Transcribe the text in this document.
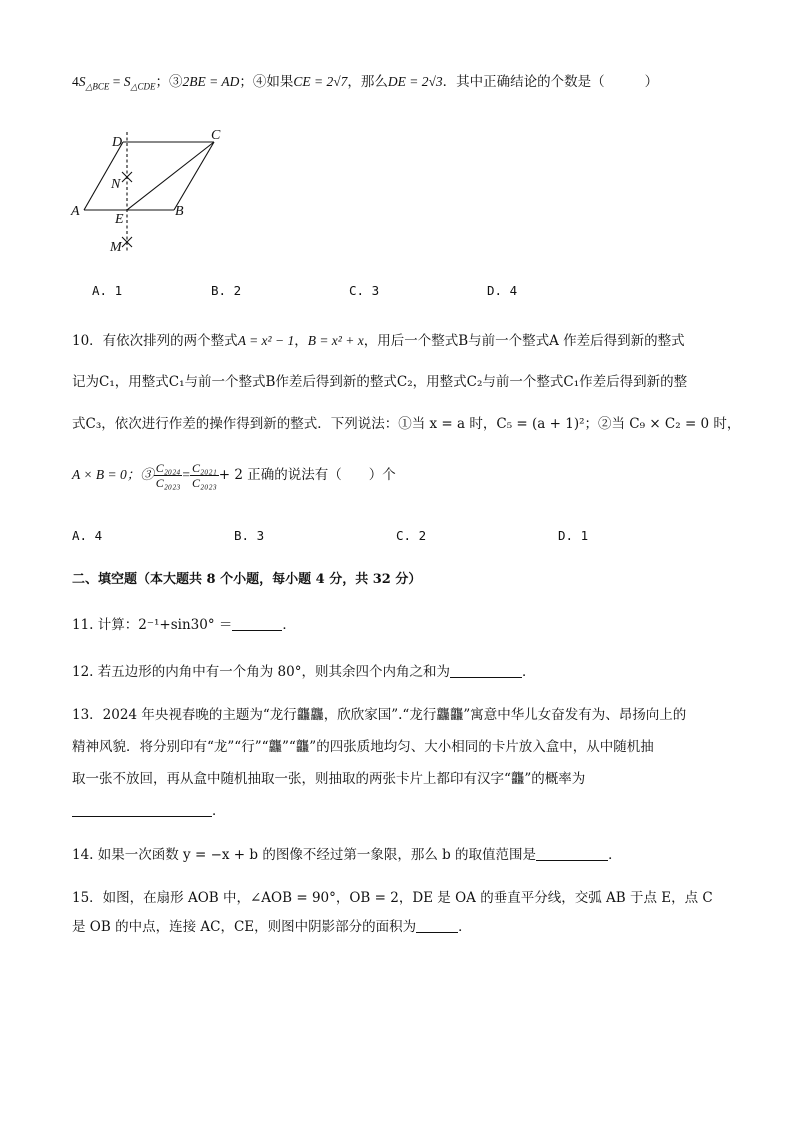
$4S_{\triangle BCE} = S_{\triangle CDE}$；③2BE = AD；④如果CE = 2√7，那么DE = 2√3．其中正确结论的个数是（	）
D	C
N
A
E
B
M
A. 1	B. 2	C. 3	D. 4
10．有依次排列的两个整式A = x² − 1，B = x² + x，用后一个整式B与前一个整式A 作差后得到新的整式
记为C₁，用整式C₁与前一个整式B作差后得到新的整式C₂，用整式C₂与前一个整式C₁作差后得到新的整
式C₃，依次进行作差的操作得到新的整式．下列说法：①当 x = a 时，C₅ = (a + 1)²；②当 C₉ × C₂ = 0 时，
A × B = 0；③ $\frac{\text{C₂₀₂₄}}{\text{C₂₀₂₃}} = \frac{\text{C₂₀₂₁}}{\text{C₂₀₂₃}} + 2$ 正确的说法有（　　）个
A. 4	B. 3	C. 2	D. 1
二、填空题（本大题共 8 个小题，每小题 4 分，共 32 分）
11. 计算：2⁻¹+sin30° ＝	．
12. 若五边形的内角中有一个角为 80°，则其余四个内角之和为	．
13．2024 年央视春晚的主题为“龙行龘龘，欣欣家国”.“龙行龘龘”寓意中华儿女奋发有为、昂扬向上的
精神风貌．将分别印有“龙”“行”“龘”“龘”的四张质地均匀、大小相同的卡片放入盒中，从中随机抽
取一张不放回，再从盒中随机抽取一张，则抽取的两张卡片上都印有汉字“龘”的概率为
．
14. 如果一次函数 y = −x + b 的图像不经过第一象限，那么 b 的取值范围是	．
15．如图，在扇形 AOB 中，∠AOB = 90°，OB = 2，DE 是 OA 的垂直平分线，交弧 AB 于点 E，点 C
是 OB 的中点，连接 AC，CE，则图中阴影部分的面积为	．
